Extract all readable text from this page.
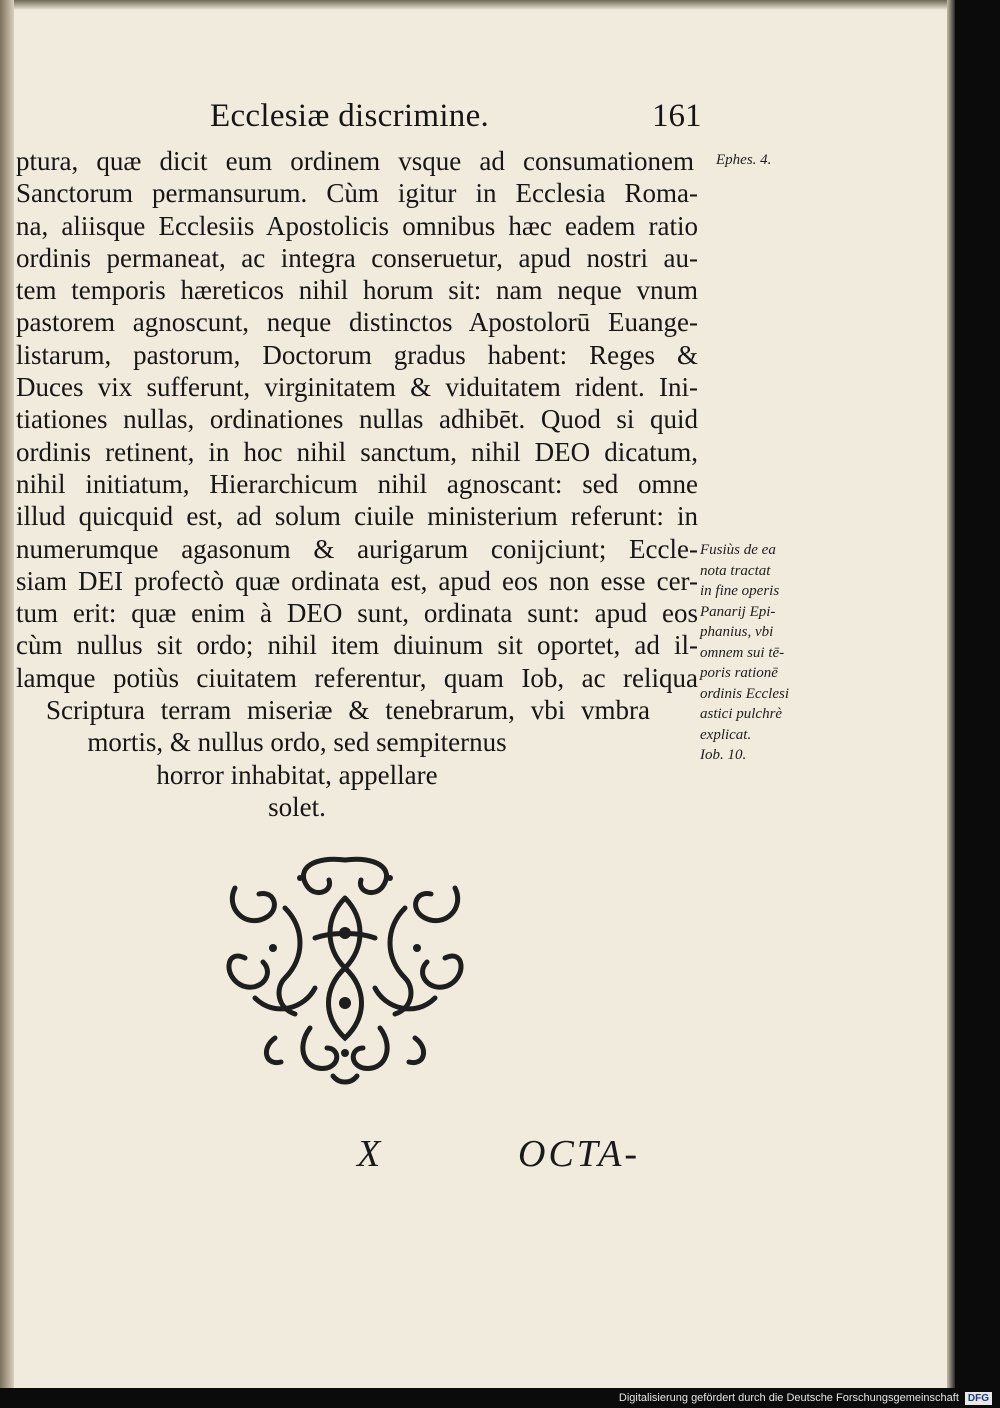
Ecclesiæ discrimine.	161
ptura, quæ dicit eum ordinem vsque ad consumationem
Sanctorum permansurum. Cùm igitur in Ecclesia Roma-
na, aliisque Ecclesiis Apostolicis omnibus hæc eadem ratio
ordinis permaneat, ac integra conseruetur, apud nostri au-
tem temporis hæreticos nihil horum sit: nam neque vnum
pastorem agnoscunt, neque distinctos Apostolorū Euange-
listarum, pastorum, Doctorum gradus habent: Reges &
Duces vix sufferunt, virginitatem & viduitatem rident. Ini-
tiationes nullas, ordinationes nullas adhibēt. Quod si quid
ordinis retinent, in hoc nihil sanctum, nihil DEO dicatum,
nihil initiatum, Hierarchicum nihil agnoscant: sed omne
illud quicquid est, ad solum ciuile ministerium referunt: in
numerumque agasonum & aurigarum conijciunt; Eccle-
siam DEI profectò quæ ordinata est, apud eos non esse cer-
tum erit: quæ enim à DEO sunt, ordinata sunt: apud eos
cùm nullus sit ordo; nihil item diuinum sit oportet, ad il-
lamque potiùs ciuitatem referentur, quam Iob, ac reliqua
Scriptura terram miseriæ & tenebrarum, vbi vmbra
mortis, & nullus ordo, sed sempiternus
horror inhabitat, appellare
solet.
Ephes. 4.
Fusiùs de ea
nota tractat
in fine operis
Panarij Epi-
phanius, vbi
omnem sui tē-
poris rationē
ordinis Ecclesi
astici pulchrè
explicat.
Iob. 10.
X	OCTA-
Digitalisierung gefördert durch die Deutsche Forschungsgemeinschaft DFG
